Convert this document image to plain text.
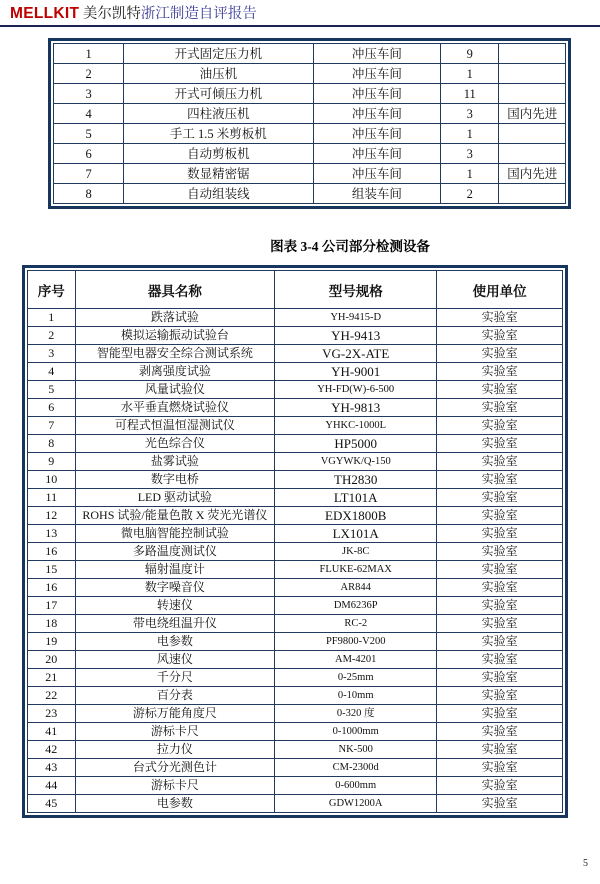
MELLKIT 美尔凯特浙江制造自评报告
1	开式固定压力机	冲压车间	9	
2	油压机	冲压车间	1	
3	开式可倾压力机	冲压车间	11	
4	四柱液压机	冲压车间	3	国内先进
5	手工 1.5 米剪板机	冲压车间	1	
6	自动剪板机	冲压车间	3	
7	数显精密锯	冲压车间	1	国内先进
8	自动组装线	组装车间	2	
图表 3-4 公司部分检测设备
序号	器具名称	型号规格	使用单位
1	跌落试验	YH-9415-D	实验室
2	模拟运输振动试验台	YH-9413	实验室
3	智能型电器安全综合测试系统	VG-2X-ATE	实验室
4	剥离强度试验	YH-9001	实验室
5	风量试验仪	YH-FD(W)-6-500	实验室
6	水平垂直燃烧试验仪	YH-9813	实验室
7	可程式恒温恒湿测试仪	YHKC-1000L	实验室
8	光色综合仪	HP5000	实验室
9	盐雾试验	VGYWK/Q-150	实验室
10	数字电桥	TH2830	实验室
11	LED 驱动试验	LT101A	实验室
12	ROHS 试验/能量色散 X 荧光光谱仪	EDX1800B	实验室
13	微电脑智能控制试验	LX101A	实验室
16	多路温度测试仪	JK-8C	实验室
15	辐射温度计	FLUKE-62MAX	实验室
16	数字噪音仪	AR844	实验室
17	转速仪	DM6236P	实验室
18	带电绕组温升仪	RC-2	实验室
19	电参数	PF9800-V200	实验室
20	风速仪	AM-4201	实验室
21	千分尺	0-25mm	实验室
22	百分表	0-10mm	实验室
23	游标万能角度尺	0-320 度	实验室
41	游标卡尺	0-1000mm	实验室
42	拉力仪	NK-500	实验室
43	台式分光测色计	CM-2300d	实验室
44	游标卡尺	0-600mm	实验室
45	电参数	GDW1200A	实验室
5
